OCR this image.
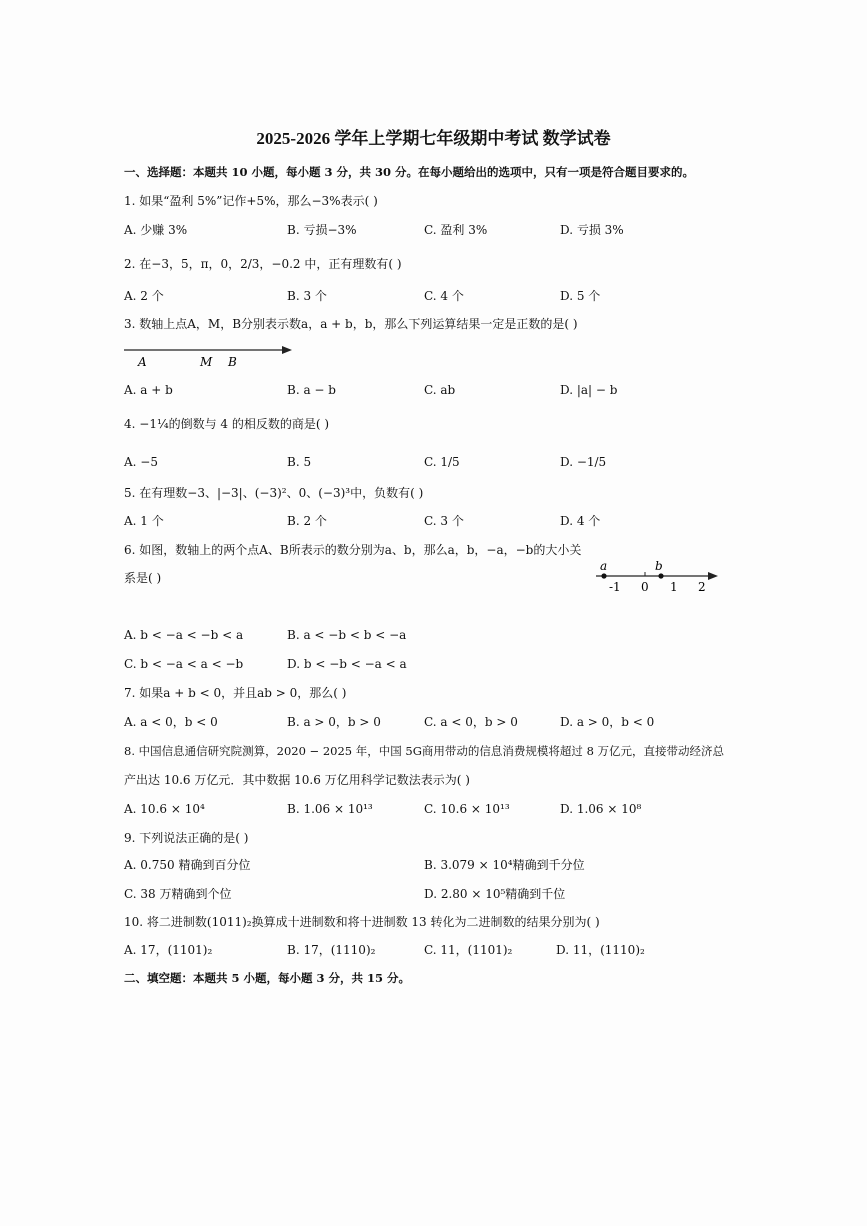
2025-2026 学年上学期七年级期中考试 数学试卷
一、选择题：本题共 10 小题，每小题 3 分，共 30 分。在每小题给出的选项中，只有一项是符合题目要求的。
1. 如果“盈利 5%”记作+5%，那么−3%表示( )
A. 少赚 3%	B. 亏损−3%	C. 盈利 3%	D. 亏损 3%
2. 在−3，5，π，0，2/3，−0.2 中，正有理数有( )
A. 2 个	B. 3 个	C. 4 个	D. 5 个
3. 数轴上点A，M，B分别表示数a，a + b，b，那么下列运算结果一定是正数的是( )
A	M B
A. a + b	B. a − b	C. ab	D. |a| − b
4. −1¼的倒数与 4 的相反数的商是( )
A. −5	B. 5	C. 1/5	D. −1/5
5. 在有理数−3、|−3|、(−3)²、0、(−3)³中，负数有( )
A. 1 个	B. 2 个	C. 3 个	D. 4 个
6. 如图，数轴上的两个点A、B所表示的数分别为a、b，那么a，b，−a，−b的大小关
系是( )
a	b
-1 0 1 2
A. b < −a < −b < a	B. a < −b < b < −a
C. b < −a < a < −b	D. b < −b < −a < a
7. 如果a + b < 0，并且ab > 0，那么( )
A. a < 0，b < 0	B. a > 0，b > 0	C. a < 0，b > 0	D. a > 0，b < 0
8. 中国信息通信研究院测算，2020 − 2025 年，中国 5G商用带动的信息消费规模将超过 8 万亿元，直接带动经济总
产出达 10.6 万亿元．其中数据 10.6 万亿用科学记数法表示为( )
A. 10.6 × 10⁴	B. 1.06 × 10¹³	C. 10.6 × 10¹³	D. 1.06 × 10⁸
9. 下列说法正确的是( )
A. 0.750 精确到百分位	B. 3.079 × 10⁴精确到千分位
C. 38 万精确到个位	D. 2.80 × 10⁵精确到千位
10. 将二进制数(1011)₂换算成十进制数和将十进制数 13 转化为二进制数的结果分别为( )
A. 17，(1101)₂	B. 17，(1110)₂	C. 11，(1101)₂	D. 11，(1110)₂
二、填空题：本题共 5 小题，每小题 3 分，共 15 分。
